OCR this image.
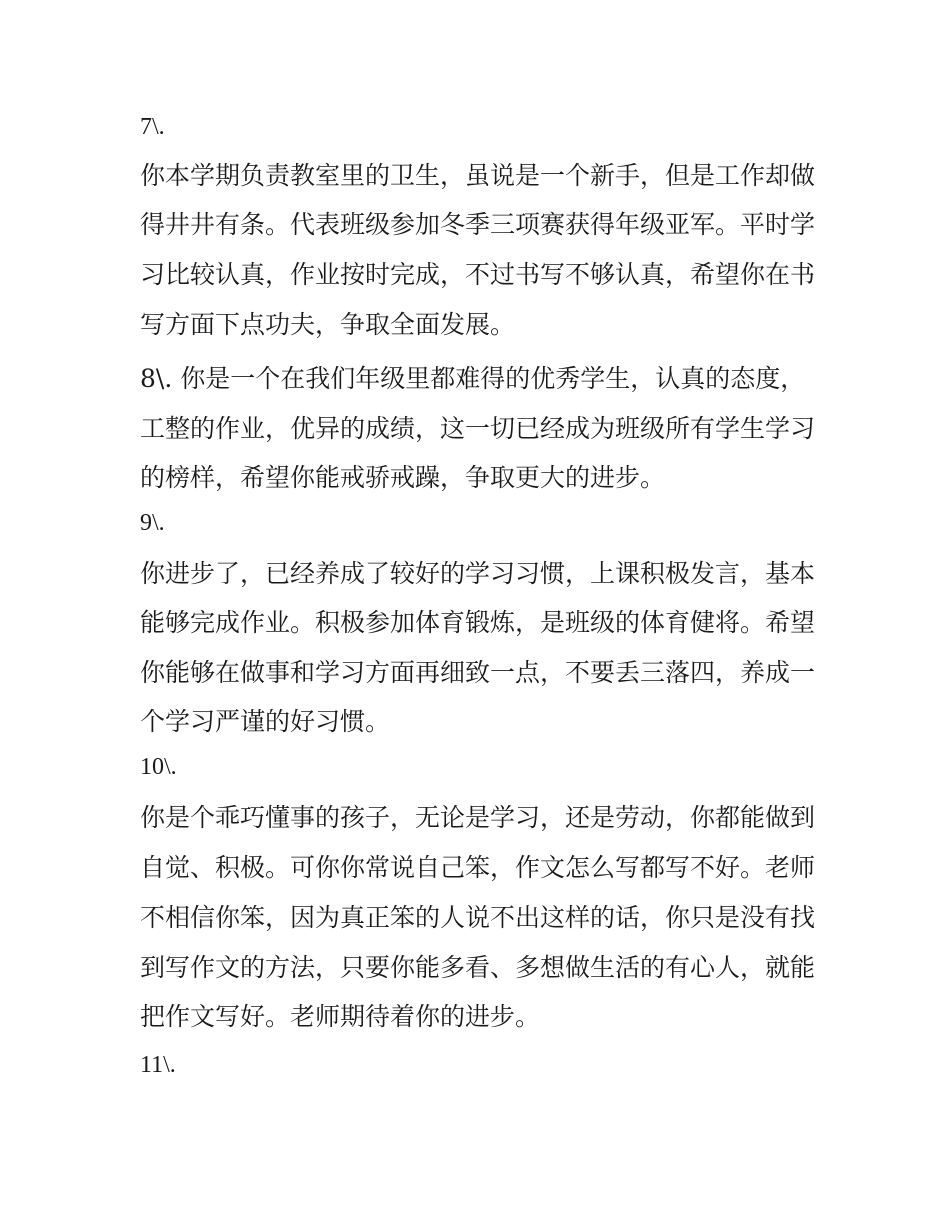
7\.

你本学期负责教室里的卫生，虽说是一个新手，但是工作却做

得井井有条。代表班级参加冬季三项赛获得年级亚军。平时学

习比较认真，作业按时完成，不过书写不够认真，希望你在书

写方面下点功夫，争取全面发展。

8\. 你是一个在我们年级里都难得的优秀学生，认真的态度，

工整的作业，优异的成绩，这一切已经成为班级所有学生学习

的榜样，希望你能戒骄戒躁，争取更大的进步。

9\.

你进步了，已经养成了较好的学习习惯，上课积极发言，基本

能够完成作业。积极参加体育锻炼，是班级的体育健将。希望

你能够在做事和学习方面再细致一点，不要丢三落四，养成一

个学习严谨的好习惯。

10\.

你是个乖巧懂事的孩子，无论是学习，还是劳动，你都能做到

自觉、积极。可你你常说自己笨，作文怎么写都写不好。老师

不相信你笨，因为真正笨的人说不出这样的话，你只是没有找

到写作文的方法，只要你能多看、多想做生活的有心人，就能

把作文写好。老师期待着你的进步。

11\.
